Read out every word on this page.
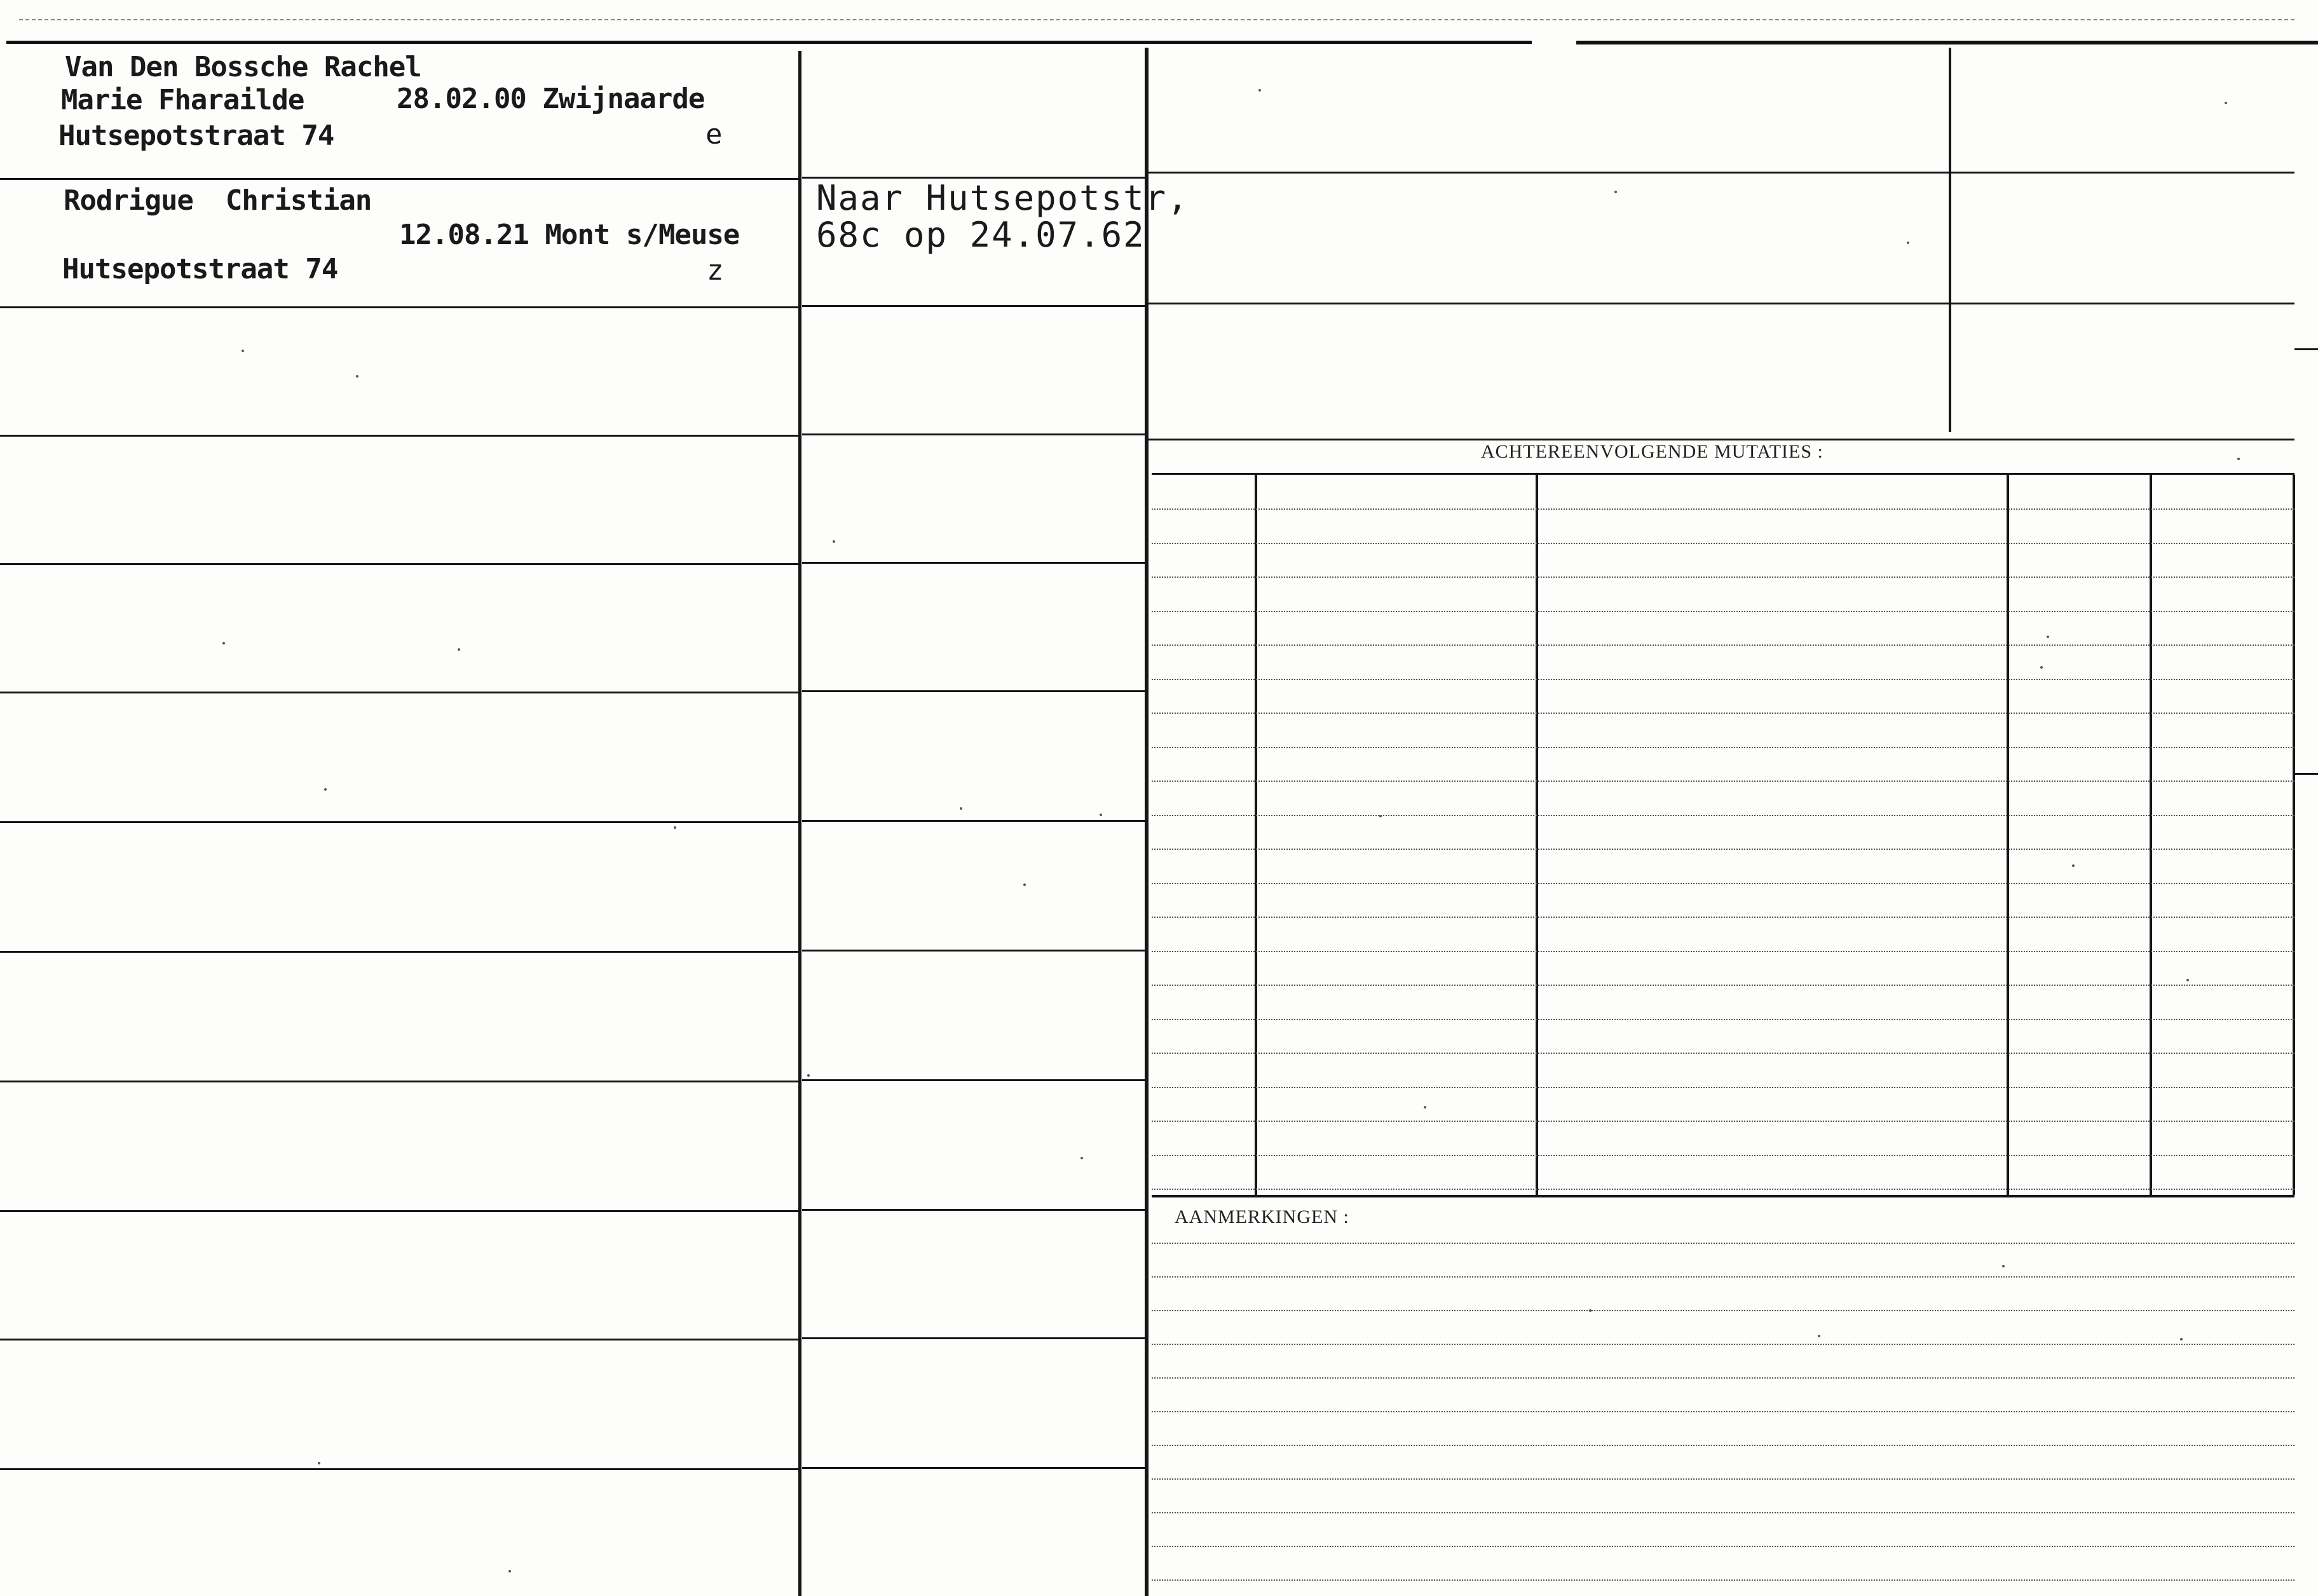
Van Den Bossche Rachel
Marie Fharailde	28.02.00 Zwijnaarde
Hutsepotstraat 74	e
Rodrigue  Christian
12.08.21 Mont s/Meuse
Hutsepotstraat 74	z
Naar Hutsepotstr,
68c op 24.07.62
ACHTEREENVOLGENDE MUTATIES :
AANMERKINGEN :
